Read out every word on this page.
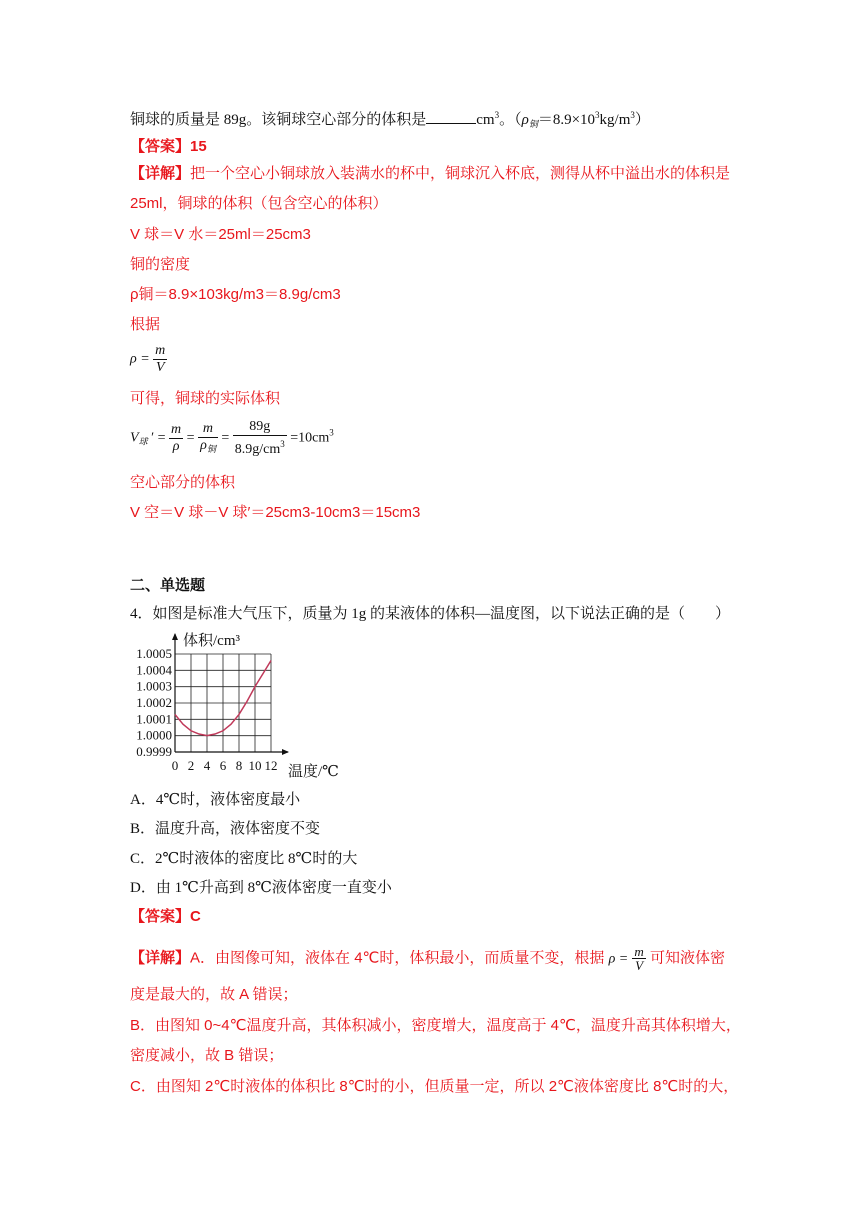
铜球的质量是 89g。该铜球空心部分的体积是	$cm^3$。$(\rho_铜=8.9\times 10^3kg/m^3)$
【答案】15
【详解】把一个空心小铜球放入装满水的杯中，铜球沉入杯底，测得从杯中溢出水的体积是
25ml，铜球的体积（包含空心的体积）
V 球＝V 水＝25ml＝25cm3
铜的密度
ρ铜＝8.9×103kg/m3＝8.9g/cm3
根据
$\rho = \frac{m}{V}$
可得，铜球的实际体积
$V_球$ ′ = $\frac{m}{\rho} = \frac{m}{\rho_铜} = \frac{89g}{8.9g/cm^3} =10cm^3$
空心部分的体积
V 空＝V 球－V 球′＝25cm3-10cm3＝15cm3
二、单选题
4．如图是标准大气压下，质量为 1g 的某液体的体积—温度图，以下说法正确的是（　　）
0.9999
1.0000
1.0001
1.0002
1.0003
1.0004
1.0005
0 2 4 6 8 10 12
体积/cm³
温度/℃
A．4℃时，液体密度最小
B．温度升高，液体密度不变
C．2℃时液体的密度比 8℃时的大
D．由 1℃升高到 8℃液体密度一直变小
【答案】C
【详解】A．由图像可知，液体在 4℃时，体积最小，而质量不变，根据 $\rho = \frac{m}{V}$ 可知液体密
度是最大的，故 A 错误；
B．由图知 0~4℃温度升高，其体积减小，密度增大，温度高于 4℃，温度升高其体积增大，
密度减小，故 B 错误；
C．由图知 2℃时液体的体积比 8℃时的小，但质量一定，所以 2℃液体密度比 8℃时的大，
